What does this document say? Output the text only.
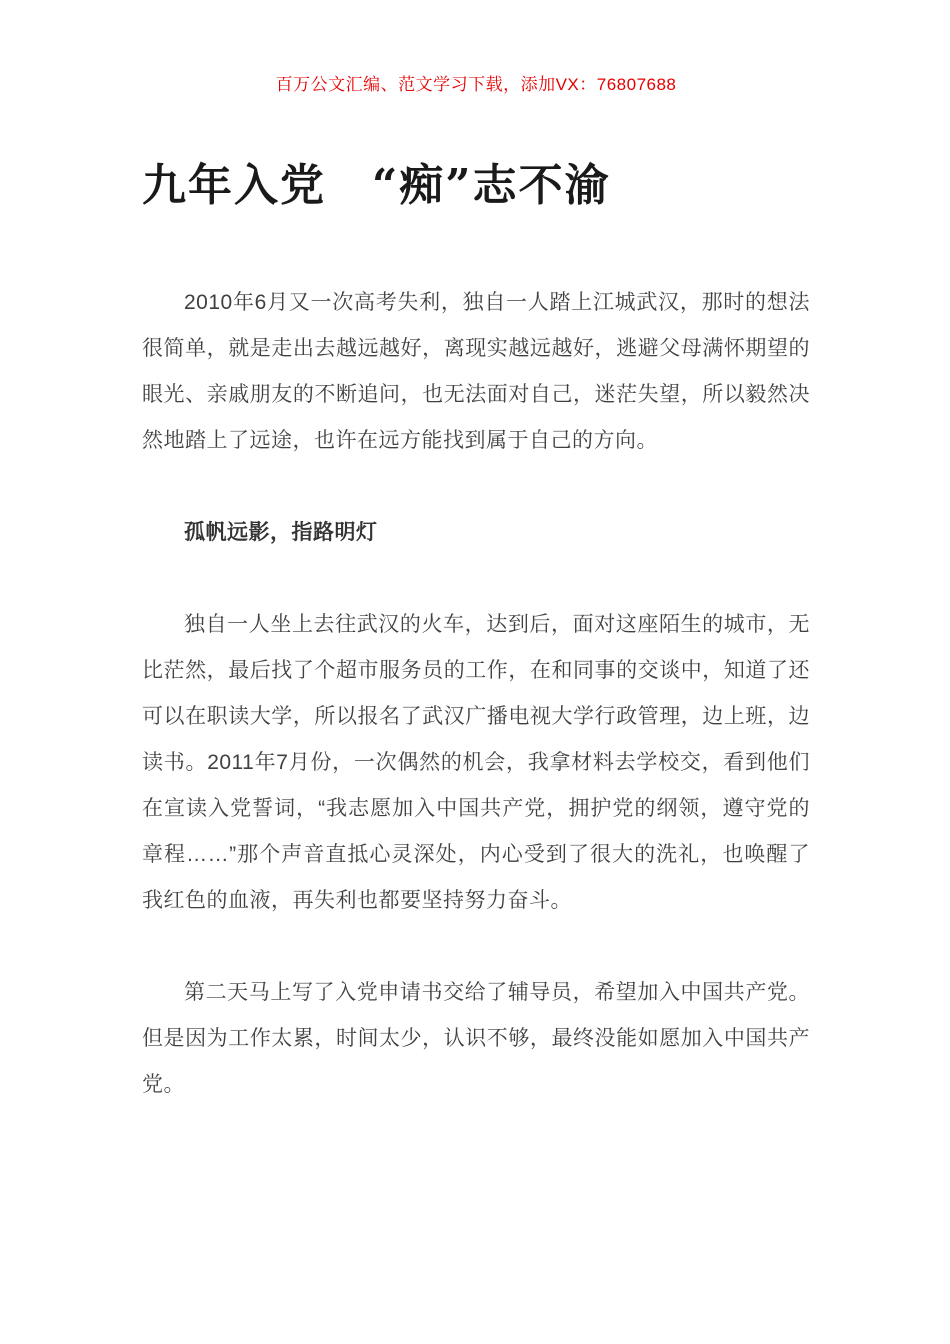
百万公文汇编、范文学习下载，添加VX：76807688
九年入党　“痴”志不渝

2010年6月又一次高考失利，独自一人踏上江城武汉，那时的想法很简单，就是走出去越远越好，离现实越远越好，逃避父母满怀期望的眼光、亲戚朋友的不断追问，也无法面对自己，迷茫失望，所以毅然决然地踏上了远途，也许在远方能找到属于自己的方向。

孤帆远影，指路明灯

独自一人坐上去往武汉的火车，达到后，面对这座陌生的城市，无比茫然，最后找了个超市服务员的工作，在和同事的交谈中，知道了还可以在职读大学，所以报名了武汉广播电视大学行政管理，边上班，边读书。2011年7月份，一次偶然的机会，我拿材料去学校交，看到他们在宣读入党誓词，“我志愿加入中国共产党，拥护党的纲领，遵守党的章程……”那个声音直抵心灵深处，内心受到了很大的洗礼，也唤醒了我红色的血液，再失利也都要坚持努力奋斗。

第二天马上写了入党申请书交给了辅导员，希望加入中国共产党。但是因为工作太累，时间太少，认识不够，最终没能如愿加入中国共产党。
